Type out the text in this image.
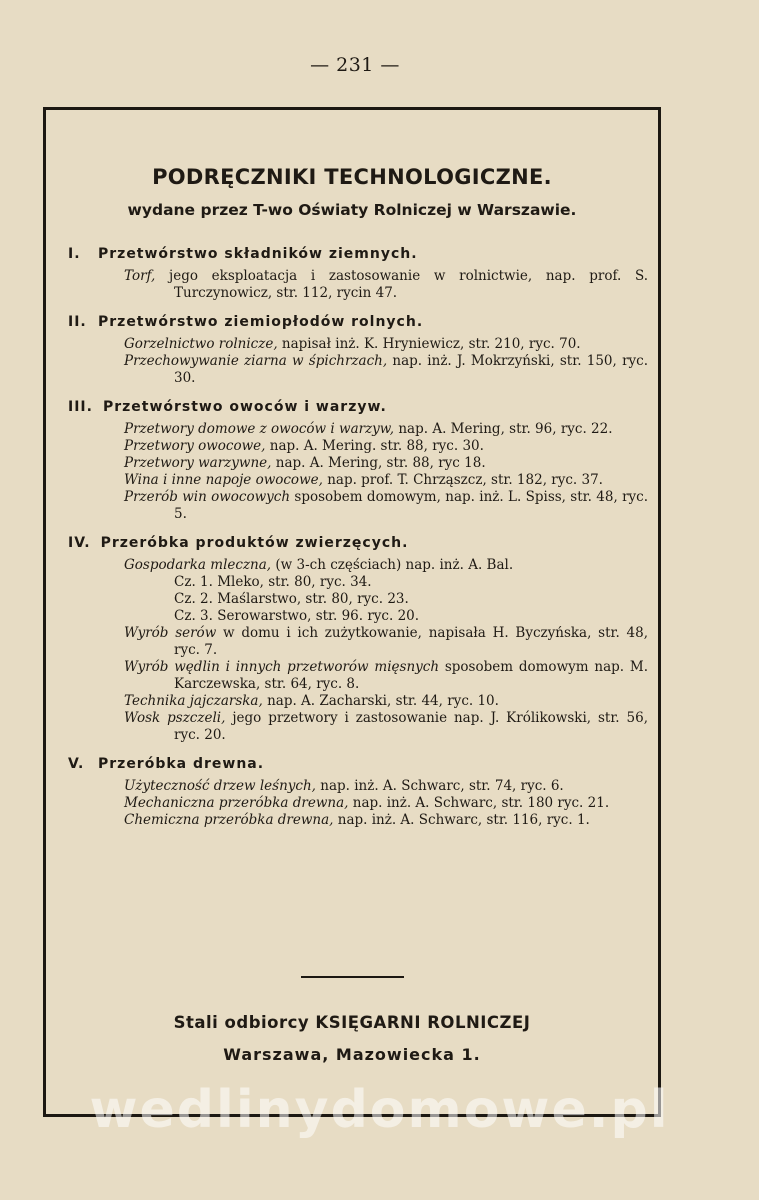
— 231 —
PODRĘCZNIKI TECHNOLOGICZNE.
wydane przez T-wo Oświaty Rolniczej w Warszawie.
I.	Przetwórstwo składników ziemnych.
Torf, jego eksploatacja i zastosowanie w rolnictwie, nap. prof. S. Turczynowicz, str. 112, rycin 47.
II. Przetwórstwo ziemiopłodów rolnych.
Gorzelnictwo rolnicze, napisał inż. K. Hryniewicz, str. 210, ryc. 70.
Przechowywanie ziarna w śpichrzach, nap. inż. J. Mokrzyński, str. 150, ryc. 30.
III. Przetwórstwo owoców i warzyw.
Przetwory domowe z owoców i warzyw, nap. A. Mering, str. 96, ryc. 22.
Przetwory owocowe, nap. A. Mering. str. 88, ryc. 30.
Przetwory warzywne, nap. A. Mering, str. 88, ryc 18.
Wina i inne napoje owocowe, nap. prof. T. Chrząszcz, str. 182, ryc. 37.
Przerób win owocowych sposobem domowym, nap. inż. L. Spiss, str. 48, ryc. 5.
IV. Przeróbka produktów zwierzęcych.
Gospodarka mleczna, (w 3-ch częściach) nap. inż. A. Bal.
Cz. 1. Mleko, str. 80, ryc. 34.
Cz. 2. Maślarstwo, str. 80, ryc. 23.
Cz. 3. Serowarstwo, str. 96. ryc. 20.
Wyrób serów w domu i ich zużytkowanie, napisała H. Byczyńska, str. 48, ryc. 7.
Wyrób wędlin i innych przetworów mięsnych sposobem domowym nap. M. Karczewska, str. 64, ryc. 8.
Technika jajczarska, nap. A. Zacharski, str. 44, ryc. 10.
Wosk pszczeli, jego przetwory i zastosowanie nap. J. Królikowski, str. 56, ryc. 20.
V. Przeróbka drewna.
Użyteczność drzew leśnych, nap. inż. A. Schwarc, str. 74, ryc. 6.
Mechaniczna przeróbka drewna, nap. inż. A. Schwarc, str. 180 ryc. 21.
Chemiczna przeróbka drewna, nap. inż. A. Schwarc, str. 116, ryc. 1.
Stali odbiorcy KSIĘGARNI ROLNICZEJ
Warszawa, Mazowiecka 1.
wedlinydomowe.pl
